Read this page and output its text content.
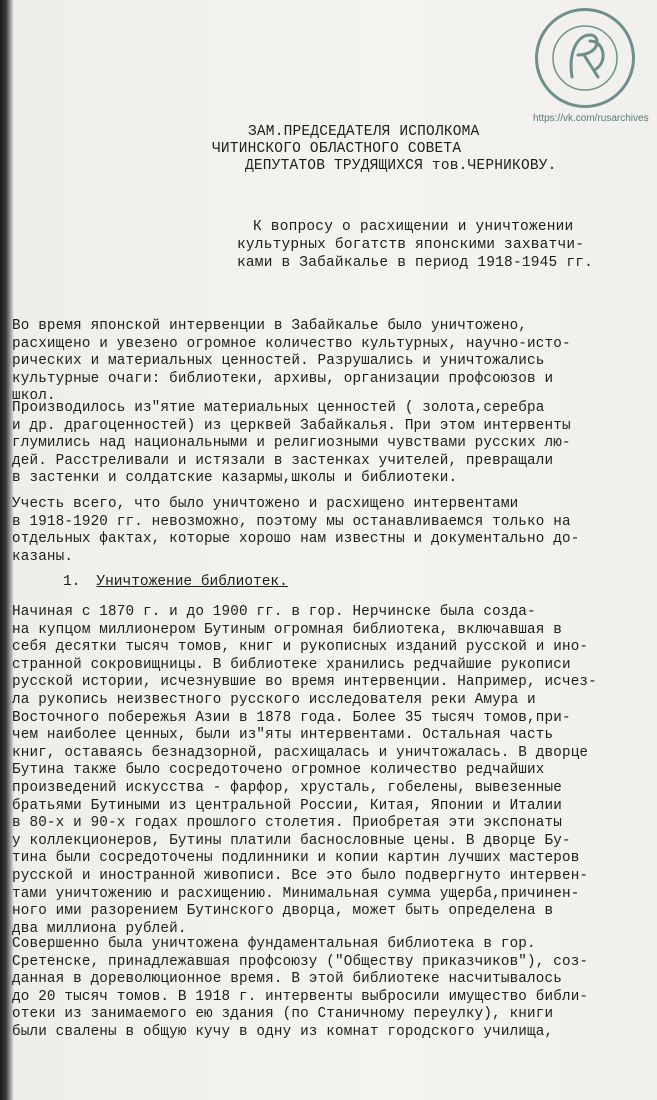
https://vk.com/rusarchives
ЗАМ.ПРЕДСЕДАТЕЛЯ ИСПОЛКОМА
ЧИТИНСКОГО ОБЛАСТНОГО СОВЕТА
ДЕПУТАТОВ ТРУДЯЩИХСЯ тов.ЧЕРНИКОВУ.
К вопросу о расхищении и уничтожении
культурных богатств японскими захватчи-
ками в Забайкалье в период 1918-1945 гг.
Во время японской интервенции в Забайкалье было уничтожено,
расхищено и увезено огромное количество культурных, научно-исто-
рических и материальных ценностей. Разрушались и уничтожались
культурные очаги: библиотеки, архивы, организации профсоюзов и
школ.
Производилось из"ятие материальных ценностей ( золота,серебра
и др. драгоценностей) из церквей Забайкалья. При этом интервенты
глумились над национальными и религиозными чувствами русских лю-
дей. Расстреливали и истязали в застенках учителей, превращали
в застенки и солдатские казармы,школы и библиотеки.
Учесть всего, что было уничтожено и расхищено интервентами
в 1918-1920 гг. невозможно, поэтому мы останавливаемся только на
отдельных фактах, которые хорошо нам известны и документально до-
казаны.
1. Уничтожение библиотек.
Начиная с 1870 г. и до 1900 гг. в гор. Нерчинске была созда-
на купцом миллионером Бутиным огромная библиотека, включавшая в
себя десятки тысяч томов, книг и рукописных изданий русской и ино-
странной сокровищницы. В библиотеке хранились редчайшие рукописи
русской истории, исчезнувшие во время интервенции. Например, исчез-
ла рукопись неизвестного русского исследователя реки Амура и
Восточного побережья Азии в 1878 года. Более 35 тысяч томов,при-
чем наиболее ценных, были из"яты интервентами. Остальная часть
книг, оставаясь безнадзорной, расхищалась и уничтожалась. В дворце
Бутина также было сосредоточено огромное количество редчайших
произведений искусства - фарфор, хрусталь, гобелены, вывезенные
братьями Бутиными из центральной России, Китая, Японии и Италии
в 80-х и 90-х годах прошлого столетия. Приобретая эти экспонаты
у коллекционеров, Бутины платили баснословные цены. В дворце Бу-
тина были сосредоточены подлинники и копии картин лучших мастеров
русской и иностранной живописи. Все это было подвергнуто интервен-
тами уничтожению и расхищению. Минимальная сумма ущерба,причинен-
ного ими разорением Бутинского дворца, может быть определена в
два миллиона рублей.
Совершенно была уничтожена фундаментальная библиотека в гор.
Сретенске, принадлежавшая профсоюзу ("Обществу приказчиков"), соз-
данная в дореволюционное время. В этой библиотеке насчитывалось
до 20 тысяч томов. В 1918 г. интервенты выбросили имущество библи-
отеки из занимаемого ею здания (по Станичному переулку), книги
были свалены в общую кучу в одну из комнат городского училища,
